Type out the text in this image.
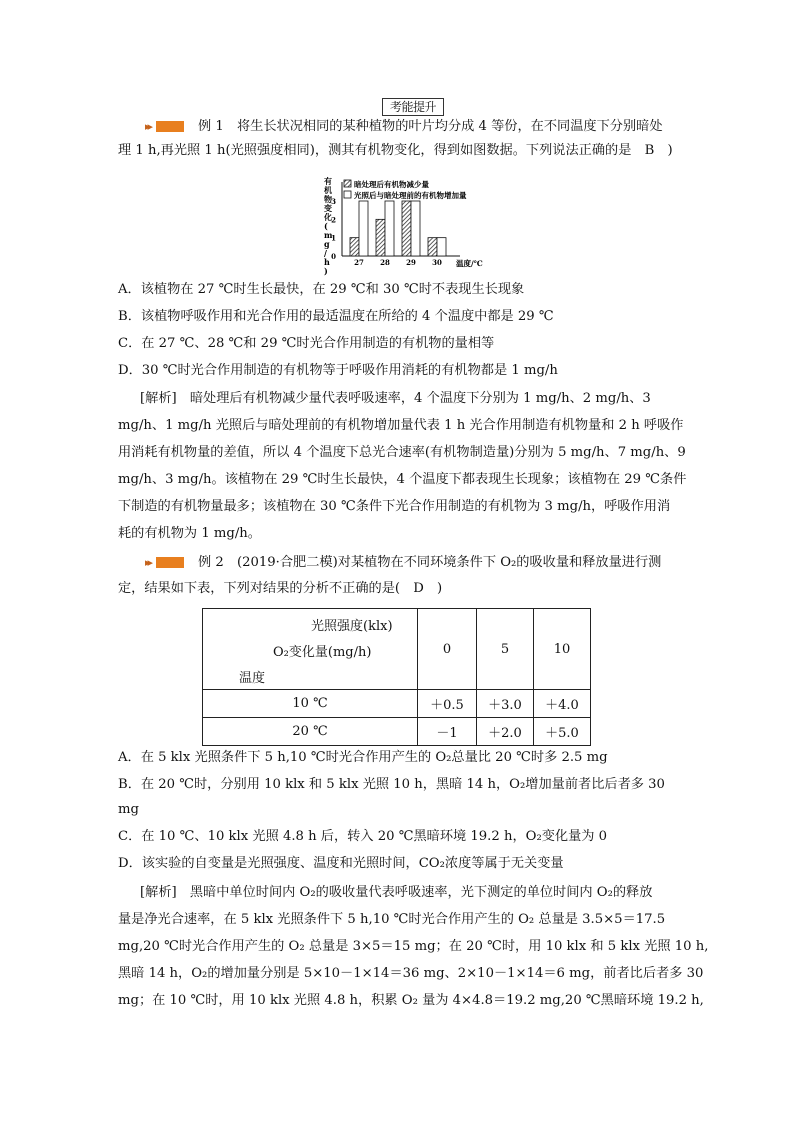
考能提升
▸▸	例 1　 将生长状况相同的某种植物的叶片均分成 4 等份，在不同温度下分别暗处
理 1 h,再光照 1 h(光照强度相同)，测其有机物变化，得到如图数据。下列说法正确的是　B　)
有
机
物
变
化
(
m
g
/
h
)
0
1
2
3
27 28 29 30 温度/℃
暗处理后有机物减少量
光照后与暗处理前的有机物增加量
A．该植物在 27 ℃时生长最快，在 29 ℃和 30 ℃时不表现生长现象
B．该植物呼吸作用和光合作用的最适温度在所给的 4 个温度中都是 29 ℃
C．在 27 ℃、28 ℃和 29 ℃时光合作用制造的有机物的量相等
D．30 ℃时光合作用制造的有机物等于呼吸作用消耗的有机物都是 1 mg/h
[解析]　 暗处理后有机物减少量代表呼吸速率，4 个温度下分别为 1 mg/h、2 mg/h、3
mg/h、1 mg/h 光照后与暗处理前的有机物增加量代表 1 h 光合作用制造有机物量和 2 h 呼吸作
用消耗有机物量的差值，所以 4 个温度下总光合速率(有机物制造量)分别为 5 mg/h、7 mg/h、9
mg/h、3 mg/h。该植物在 29 ℃时生长最快，4 个温度下都表现生长现象；该植物在 29 ℃条件
下制造的有机物量最多；该植物在 30 ℃条件下光合作用制造的有机物为 3 mg/h，呼吸作用消
耗的有机物为 1 mg/h。
▸▸	例 2　 (2019·合肥二模)对某植物在不同环境条件下 O₂的吸收量和释放量进行测
定，结果如下表，下列对结果的分析不正确的是(　D　)
光照强度(klx)
O₂变化量(mg/h)
温度	0	5	10
10 ℃	＋0.5	＋3.0	＋4.0
20 ℃	－1	＋2.0	＋5.0
A．在 5 klx 光照条件下 5 h,10 ℃时光合作用产生的 O₂总量比 20 ℃时多 2.5 mg
B．在 20 ℃时，分别用 10 klx 和 5 klx 光照 10 h，黑暗 14 h，O₂增加量前者比后者多 30
mg
C．在 10 ℃、10 klx 光照 4.8 h 后，转入 20 ℃黑暗环境 19.2 h，O₂变化量为 0
D．该实验的自变量是光照强度、温度和光照时间，CO₂浓度等属于无关变量
[解析]　 黑暗中单位时间内 O₂的吸收量代表呼吸速率，光下测定的单位时间内 O₂的释放
量是净光合速率，在 5 klx 光照条件下 5 h,10 ℃时光合作用产生的 O₂ 总量是 3.5×5＝17.5
mg,20 ℃时光合作用产生的 O₂ 总量是 3×5＝15 mg；在 20 ℃时，用 10 klx 和 5 klx 光照 10 h,
黑暗 14 h，O₂的增加量分别是 5×10－1×14＝36 mg、2×10－1×14＝6 mg，前者比后者多 30
mg；在 10 ℃时，用 10 klx 光照 4.8 h，积累 O₂ 量为 4×4.8＝19.2 mg,20 ℃黑暗环境 19.2 h,
